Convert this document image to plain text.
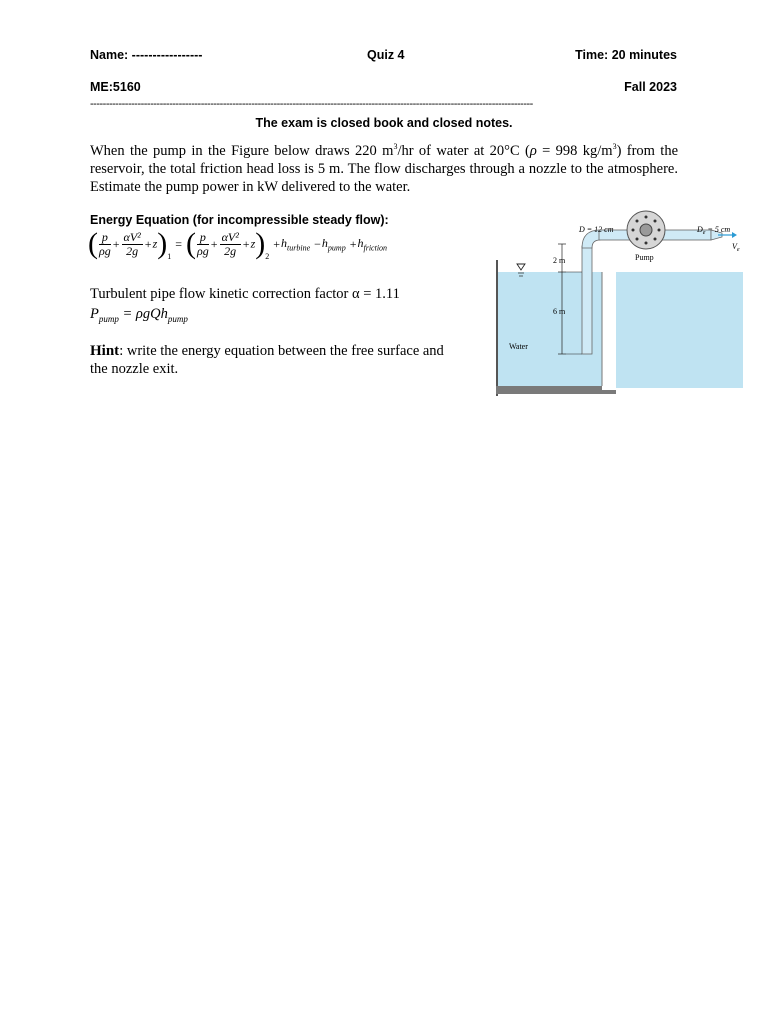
Name: -----------------	Quiz 4	Time: 20 minutes
ME:5160	Fall 2023
--------------------------------------------------------------------------------------------------------------------------------------------
The exam is closed book and closed notes.
When the pump in the Figure below draws 220 $m^3/hr$ of water at 20°C (ρ = 998 $kg/m^3$) from the reservoir, the total friction head loss is 5 m. The flow discharges through a nozzle to the atmosphere. Estimate the pump power in kW delivered to the water.
Energy Equation (for incompressible steady flow):
( $\frac{p}{\rho g} + \frac{\text{αV²}}{2g} +z)_1$ = ( $\frac{p}{\rho g} + \frac{\text{αV²}}{2g} +z)_2 +h_{turbine} -h_{pump} +h_{friction}$
Turbulent pipe flow kinetic correction factor α = 1.11
$P_{pump} = \rho gQh_{pump}$
Hint: write the energy equation between the free surface and the nozzle exit.
D = 12 cm	$D_e = 5$ cm
$V_e$
Pump
2 m
6 m
Water
